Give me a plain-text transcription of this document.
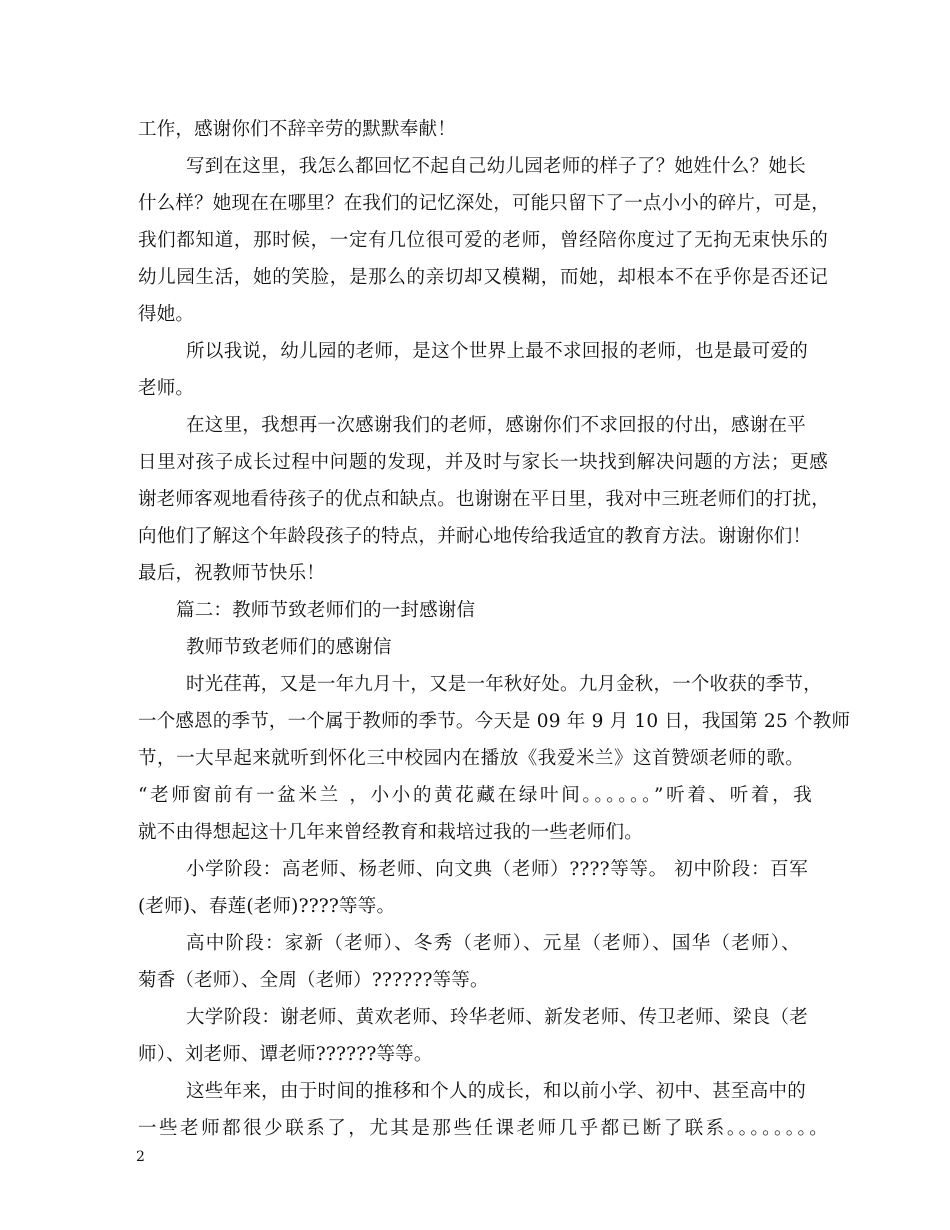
工作，感谢你们不辞辛劳的默默奉献！
写到在这里，我怎么都回忆不起自己幼儿园老师的样子了？她姓什么？她长
什么样？她现在在哪里？在我们的记忆深处，可能只留下了一点小小的碎片，可是，
我们都知道，那时候，一定有几位很可爱的老师，曾经陪你度过了无拘无束快乐的
幼儿园生活，她的笑脸，是那么的亲切却又模糊，而她，却根本不在乎你是否还记
得她。
所以我说，幼儿园的老师，是这个世界上最不求回报的老师，也是最可爱的
老师。
在这里，我想再一次感谢我们的老师，感谢你们不求回报的付出，感谢在平
日里对孩子成长过程中问题的发现，并及时与家长一块找到解决问题的方法；更感
谢老师客观地看待孩子的优点和缺点。也谢谢在平日里，我对中三班老师们的打扰，
向他们了解这个年龄段孩子的特点，并耐心地传给我适宜的教育方法。谢谢你们！
最后，祝教师节快乐！
篇二：教师节致老师们的一封感谢信
教师节致老师们的感谢信
时光荏苒，又是一年九月十，又是一年秋好处。九月金秋，一个收获的季节，
一个感恩的季节，一个属于教师的季节。今天是 09 年 9 月 10 日，我国第 25 个教师
节，一大早起来就听到怀化三中校园内在播放《我爱米兰》这首赞颂老师的歌。
“老师窗前有一盆米兰 ，小小的黄花藏在绿叶间。。。。。。”听着、听着，我
就不由得想起这十几年来曾经教育和栽培过我的一些老师们。
小学阶段：高老师、杨老师、向文典（老师）????等等。 初中阶段：百军
(老师)、春莲(老师)????等等。
高中阶段：家新（老师）、冬秀（老师）、元星（老师）、国华（老师）、
菊香（老师）、全周（老师）??????等等。
大学阶段：谢老师、黄欢老师、玲华老师、新发老师、传卫老师、梁良（老
师）、刘老师、谭老师??????等等。
这些年来，由于时间的推移和个人的成长，和以前小学、初中、甚至高中的
一些老师都很少联系了，尤其是那些任课老师几乎都已断了联系。。。。。。。。
2
